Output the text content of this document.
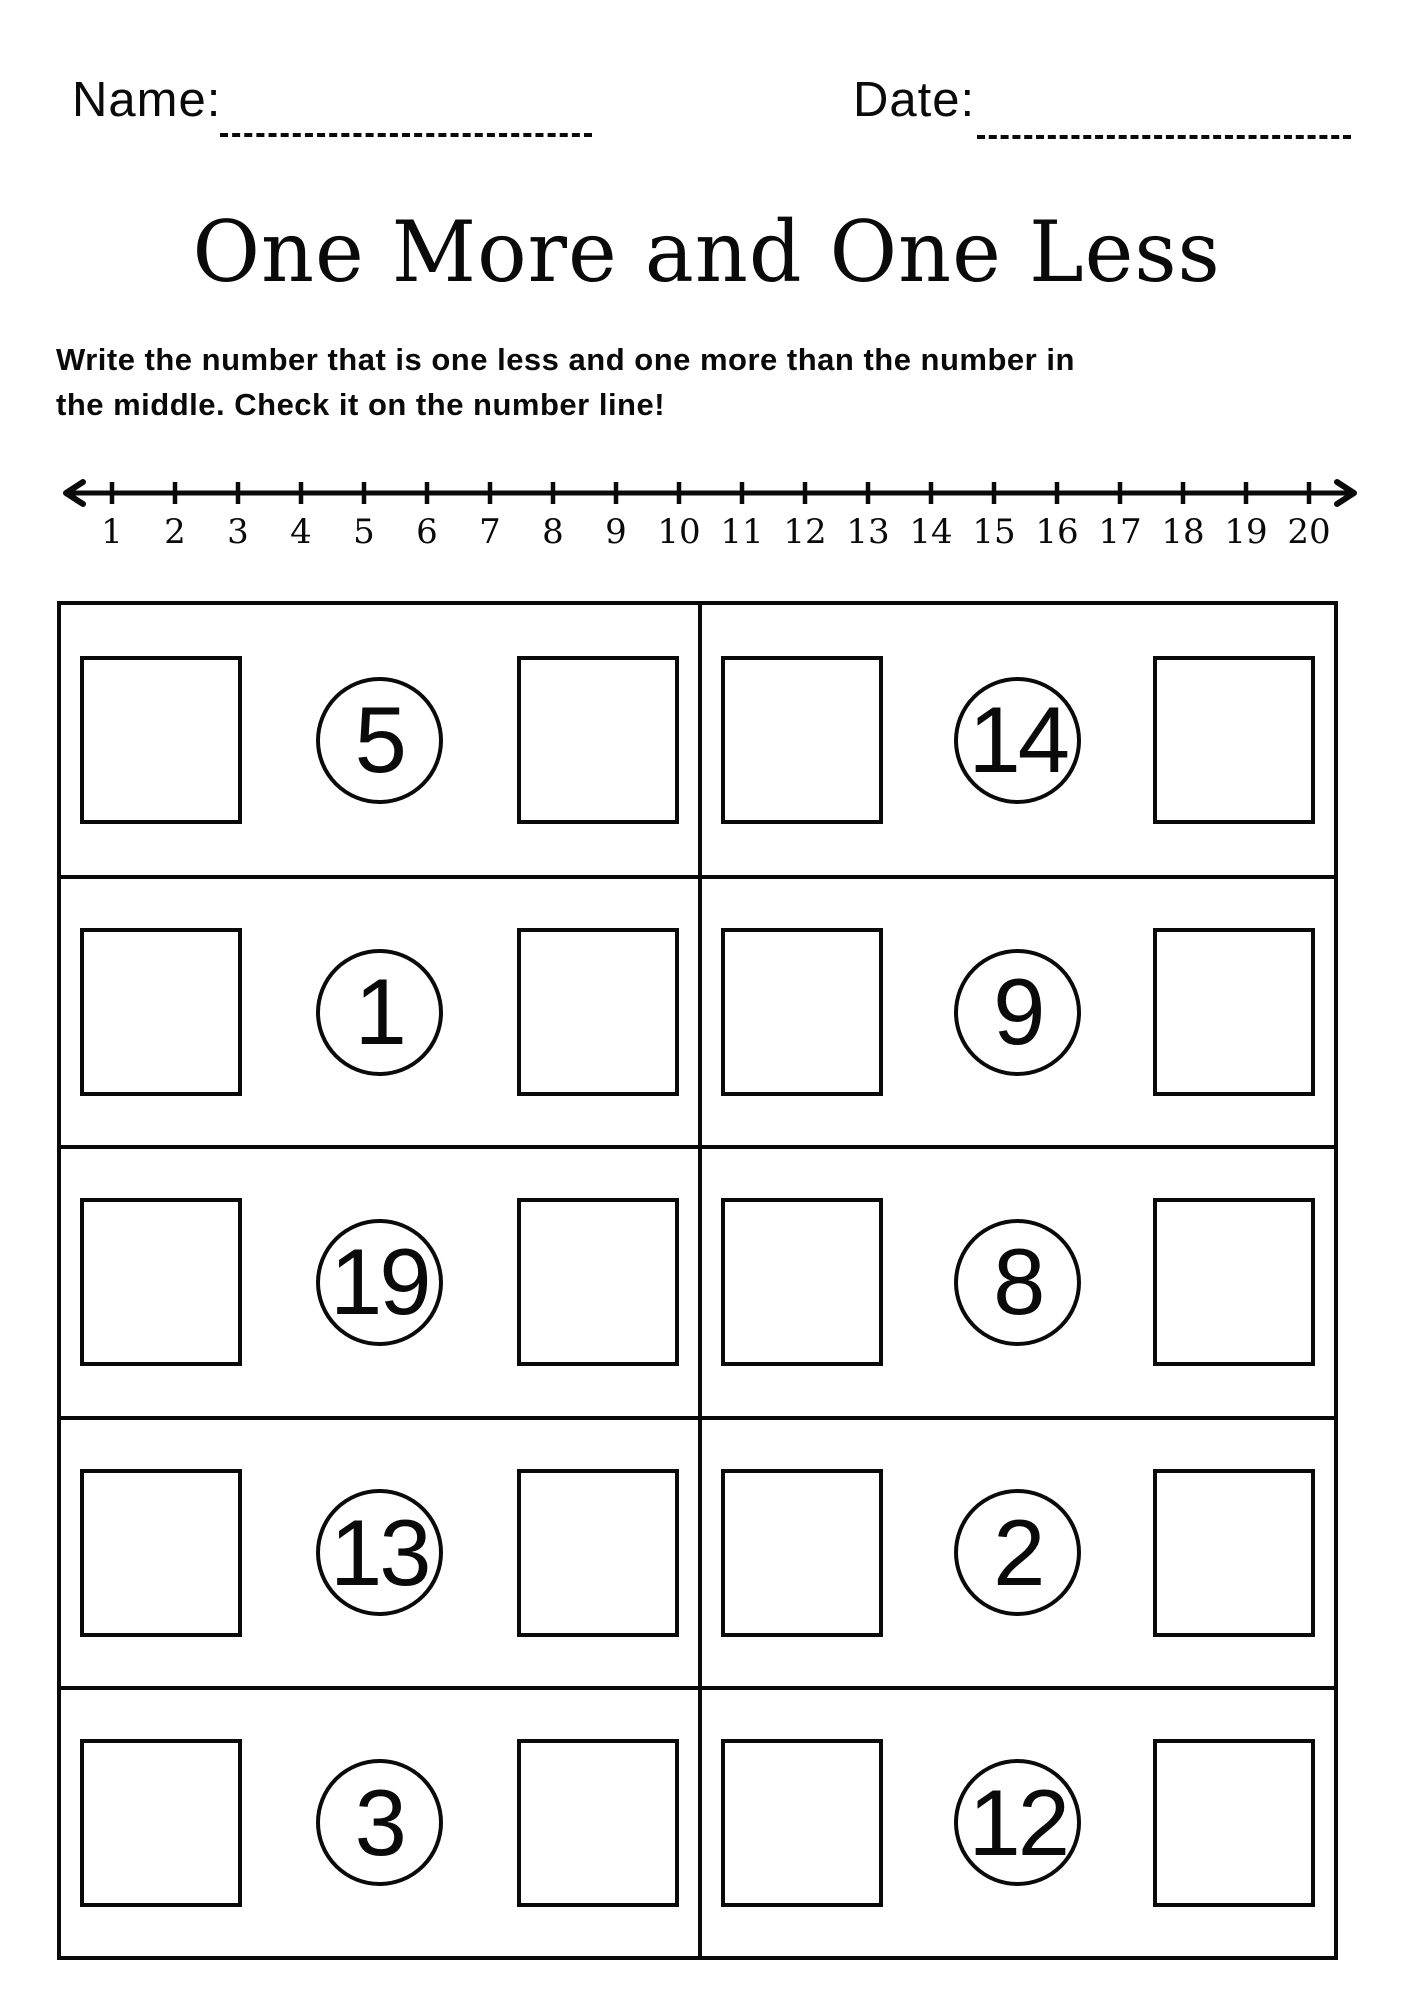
Name:	Date:
One More and One Less
Write the number that is one less and one more than the number in
the middle. Check it on the number line!
1 2 3 4 5 6 7 8 9 10 11 12 13 14 15 16 17 18 19 20
5	14
1	9
19	8
13	2
3	12
